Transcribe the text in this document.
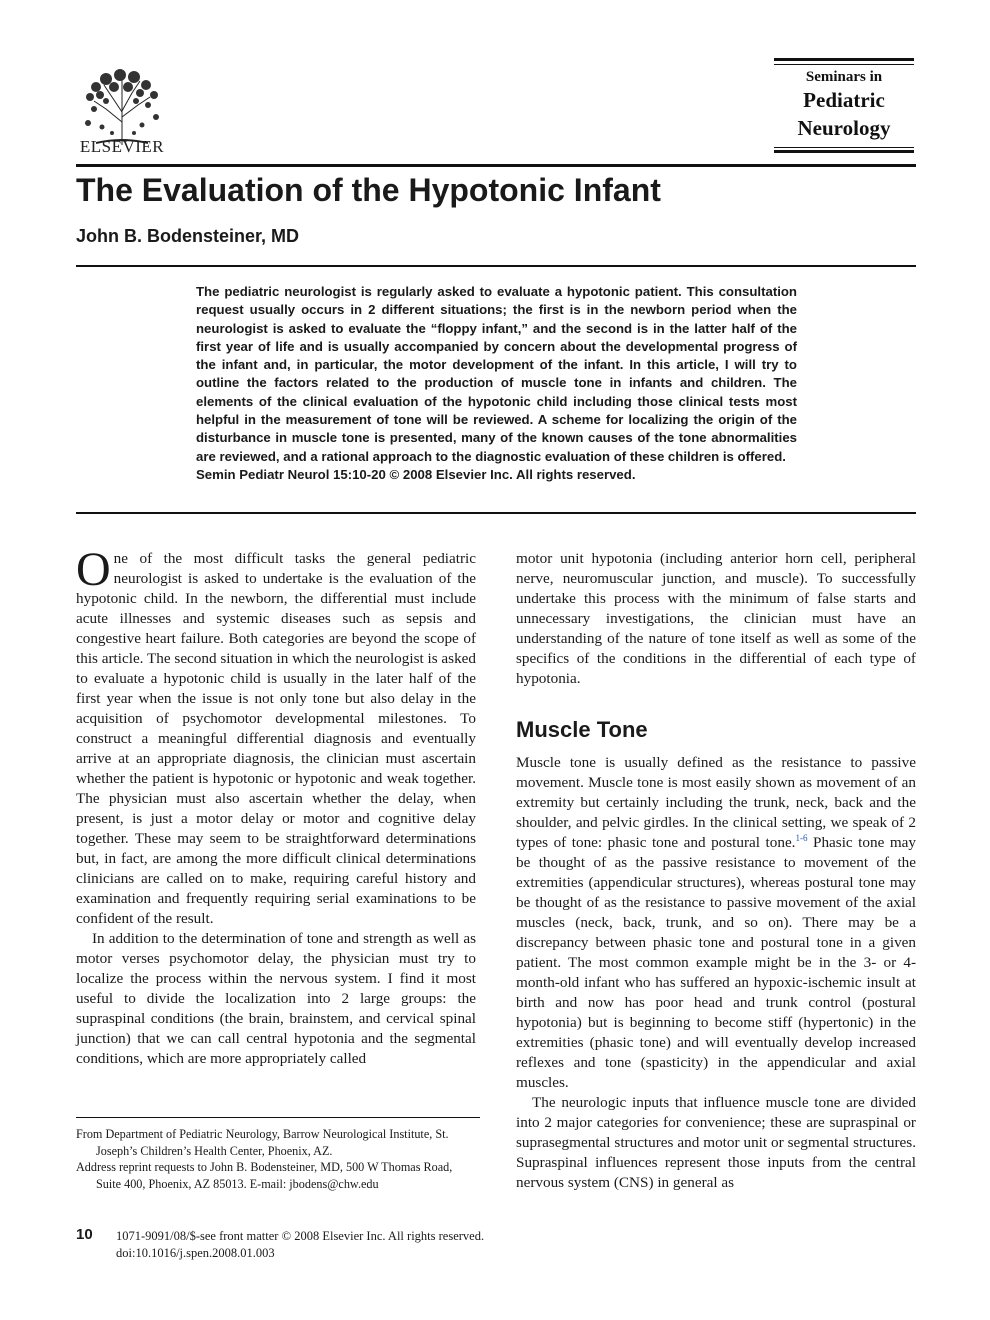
ELSEVIER
Seminars in
Pediatric
Neurology
The Evaluation of the Hypotonic Infant
John B. Bodensteiner, MD

The pediatric neurologist is regularly asked to evaluate a hypotonic patient. This consultation request usually occurs in 2 different situations; the first is in the newborn period when the neurologist is asked to evaluate the “floppy infant,” and the second is in the latter half of the first year of life and is usually accompanied by concern about the developmental progress of the infant and, in particular, the motor development of the infant. In this article, I will try to outline the factors related to the production of muscle tone in infants and children. The elements of the clinical evaluation of the hypotonic child including those clinical tests most helpful in the measurement of tone will be reviewed. A scheme for localizing the origin of the disturbance in muscle tone is presented, many of the known causes of the tone abnormalities are reviewed, and a rational approach to the diagnostic evaluation of these children is offered.

Semin Pediatr Neurol 15:10-20 © 2008 Elsevier Inc. All rights reserved.

One of the most difficult tasks the general pediatric neurologist is asked to undertake is the evaluation of the hypotonic child. In the newborn, the differential must include acute illnesses and systemic diseases such as sepsis and congestive heart failure. Both categories are beyond the scope of this article. The second situation in which the neurologist is asked to evaluate a hypotonic child is usually in the later half of the first year when the issue is not only tone but also delay in the acquisition of psychomotor developmental milestones. To construct a meaningful differential diagnosis and eventually arrive at an appropriate diagnosis, the clinician must ascertain whether the patient is hypotonic or hypotonic and weak together. The physician must also ascertain whether the delay, when present, is just a motor delay or motor and cognitive delay together. These may seem to be straightforward determinations but, in fact, are among the more difficult clinical determinations clinicians are called on to make, requiring careful history and examination and frequently requiring serial examinations to be confident of the result.

In addition to the determination of tone and strength as well as motor verses psychomotor delay, the physician must try to localize the process within the nervous system. I find it most useful to divide the localization into 2 large groups: the supraspinal conditions (the brain, brainstem, and cervical spinal junction) that we can call central hypotonia and the segmental conditions, which are more appropriately called

motor unit hypotonia (including anterior horn cell, peripheral nerve, neuromuscular junction, and muscle). To successfully undertake this process with the minimum of false starts and unnecessary investigations, the clinician must have an understanding of the nature of tone itself as well as some of the specifics of the conditions in the differential of each type of hypotonia.

Muscle Tone

Muscle tone is usually defined as the resistance to passive movement. Muscle tone is most easily shown as movement of an extremity but certainly including the trunk, neck, back and the shoulder, and pelvic girdles. In the clinical setting, we speak of 2 types of tone: phasic tone and postural tone.$^{1-6}$ Phasic tone may be thought of as the passive resistance to movement of the extremities (appendicular structures), whereas postural tone may be thought of as the resistance to passive movement of the axial muscles (neck, back, trunk, and so on). There may be a discrepancy between phasic tone and postural tone in a given patient. The most common example might be in the 3- or 4-month-old infant who has suffered an hypoxic-ischemic insult at birth and now has poor head and trunk control (postural hypotonia) but is beginning to become stiff (hypertonic) in the extremities (phasic tone) and will eventually develop increased reflexes and tone (spasticity) in the appendicular and axial muscles.

The neurologic inputs that influence muscle tone are divided into 2 major categories for convenience; these are supraspinal or suprasegmental structures and motor unit or segmental structures. Supraspinal influences represent those inputs from the central nervous system (CNS) in general as

From Department of Pediatric Neurology, Barrow Neurological Institute, St. Joseph’s Children’s Health Center, Phoenix, AZ.

Address reprint requests to John B. Bodensteiner, MD, 500 W Thomas Road, Suite 400, Phoenix, AZ 85013. E-mail: jbodens@chw.edu

10 1071-9091/08/$-see front matter © 2008 Elsevier Inc. All rights reserved.
doi:10.1016/j.spen.2008.01.003
